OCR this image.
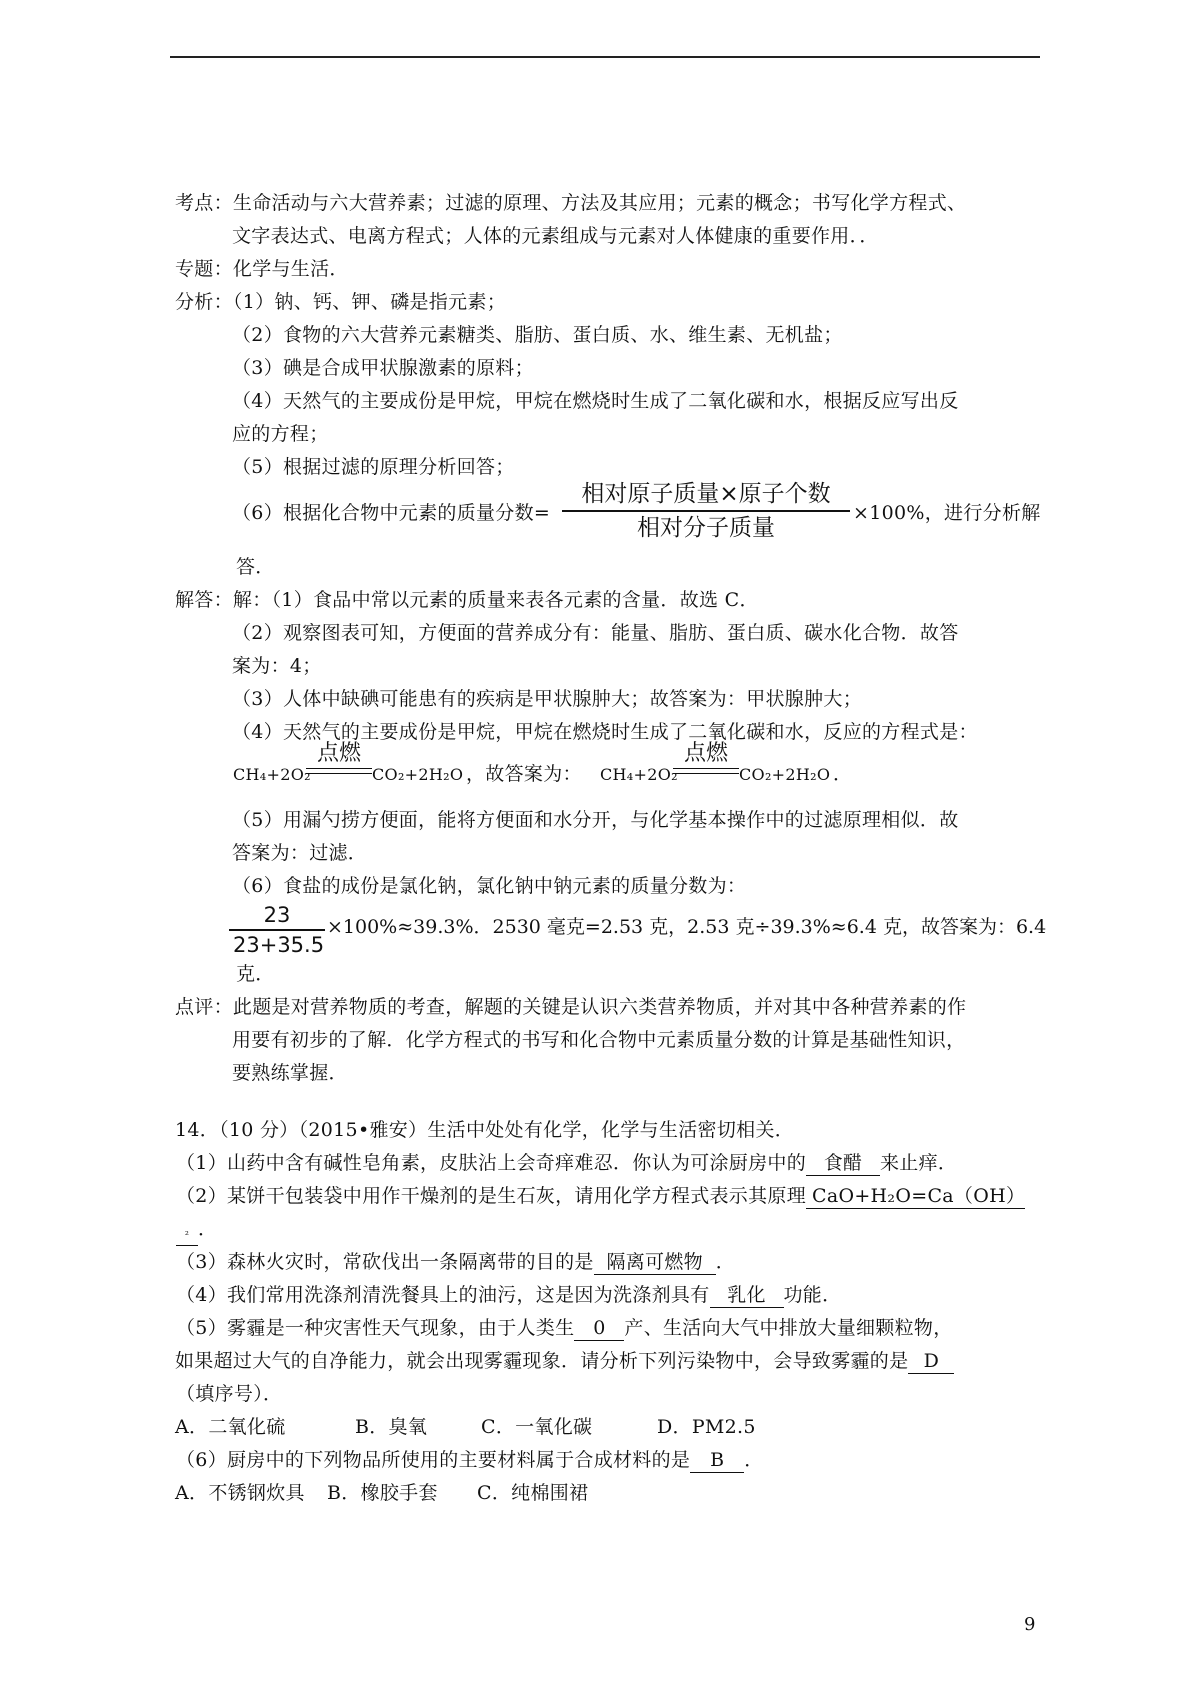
考点：生命活动与六大营养素；过滤的原理、方法及其应用；元素的概念；书写化学方程式、
文字表达式、电离方程式；人体的元素组成与元素对人体健康的重要作用．．
专题：化学与生活．
分析：（1）钠、钙、钾、磷是指元素；
（2）食物的六大营养元素糖类、脂肪、蛋白质、水、维生素、无机盐；
（3）碘是合成甲状腺激素的原料；
（4）天然气的主要成份是甲烷，甲烷在燃烧时生成了二氧化碳和水，根据反应写出反
应的方程；
（5）根据过滤的原理分析回答；
（6）根据化合物中元素的质量分数=
相对原子质量×原子个数
相对分子质量
×100%，进行分析解
答．
解答：解：（1）食品中常以元素的质量来表各元素的含量．故选 C．
（2）观察图表可知，方便面的营养成分有：能量、脂肪、蛋白质、碳水化合物．故答
案为：4；
（3）人体中缺碘可能患有的疾病是甲状腺肿大；故答案为：甲状腺肿大；
（4）天然气的主要成份是甲烷，甲烷在燃烧时生成了二氧化碳和水，反应的方程式是：
CH₄+2O₂
点燃
CO₂+2H₂O ，故答案为： CH₄+2O₂
点燃
CO₂+2H₂O ．
（5）用漏勺捞方便面，能将方便面和水分开，与化学基本操作中的过滤原理相似．故
答案为：过滤．
（6）食盐的成份是氯化钠，氯化钠中钠元素的质量分数为：
$\frac{23}{23+35.5} \times 100\%\approx 39.3\%$．2530 毫克=2.53 克，2.53 克÷39.3%≈6.4 克，故答案为：6.4
克．
点评：此题是对营养物质的考查，解题的关键是认识六类营养物质，并对其中各种营养素的作
用要有初步的了解．化学方程式的书写和化合物中元素质量分数的计算是基础性知识，
要熟练掌握．
14．（10 分）（2015•雅安）生活中处处有化学，化学与生活密切相关．
（1）山药中含有碱性皂角素，皮肤沾上会奇痒难忍．你认为可涂厨房中的 食醋 来止痒．
（2）某饼干包装袋中用作干燥剂的是生石灰，请用化学方程式表示其原理 CaO+H₂O=Ca（OH）
₂ ．
（3）森林火灾时，常砍伐出一条隔离带的目的是 隔离可燃物 ．
（4）我们常用洗涤剂清洗餐具上的油污，这是因为洗涤剂具有 乳化 功能．
（5）雾霾是一种灾害性天气现象，由于人类生 0 产、生活向大气中排放大量细颗粒物，
如果超过大气的自净能力，就会出现雾霾现象．请分析下列污染物中，会导致雾霾的是 D
（填序号）．
A．二氧化硫	B．臭氧	C．一氧化碳	D．PM2.5
（6）厨房中的下列物品所使用的主要材料属于合成材料的是 B ．
A．不锈钢炊具 B．橡胶手套 C．纯棉围裙
9
